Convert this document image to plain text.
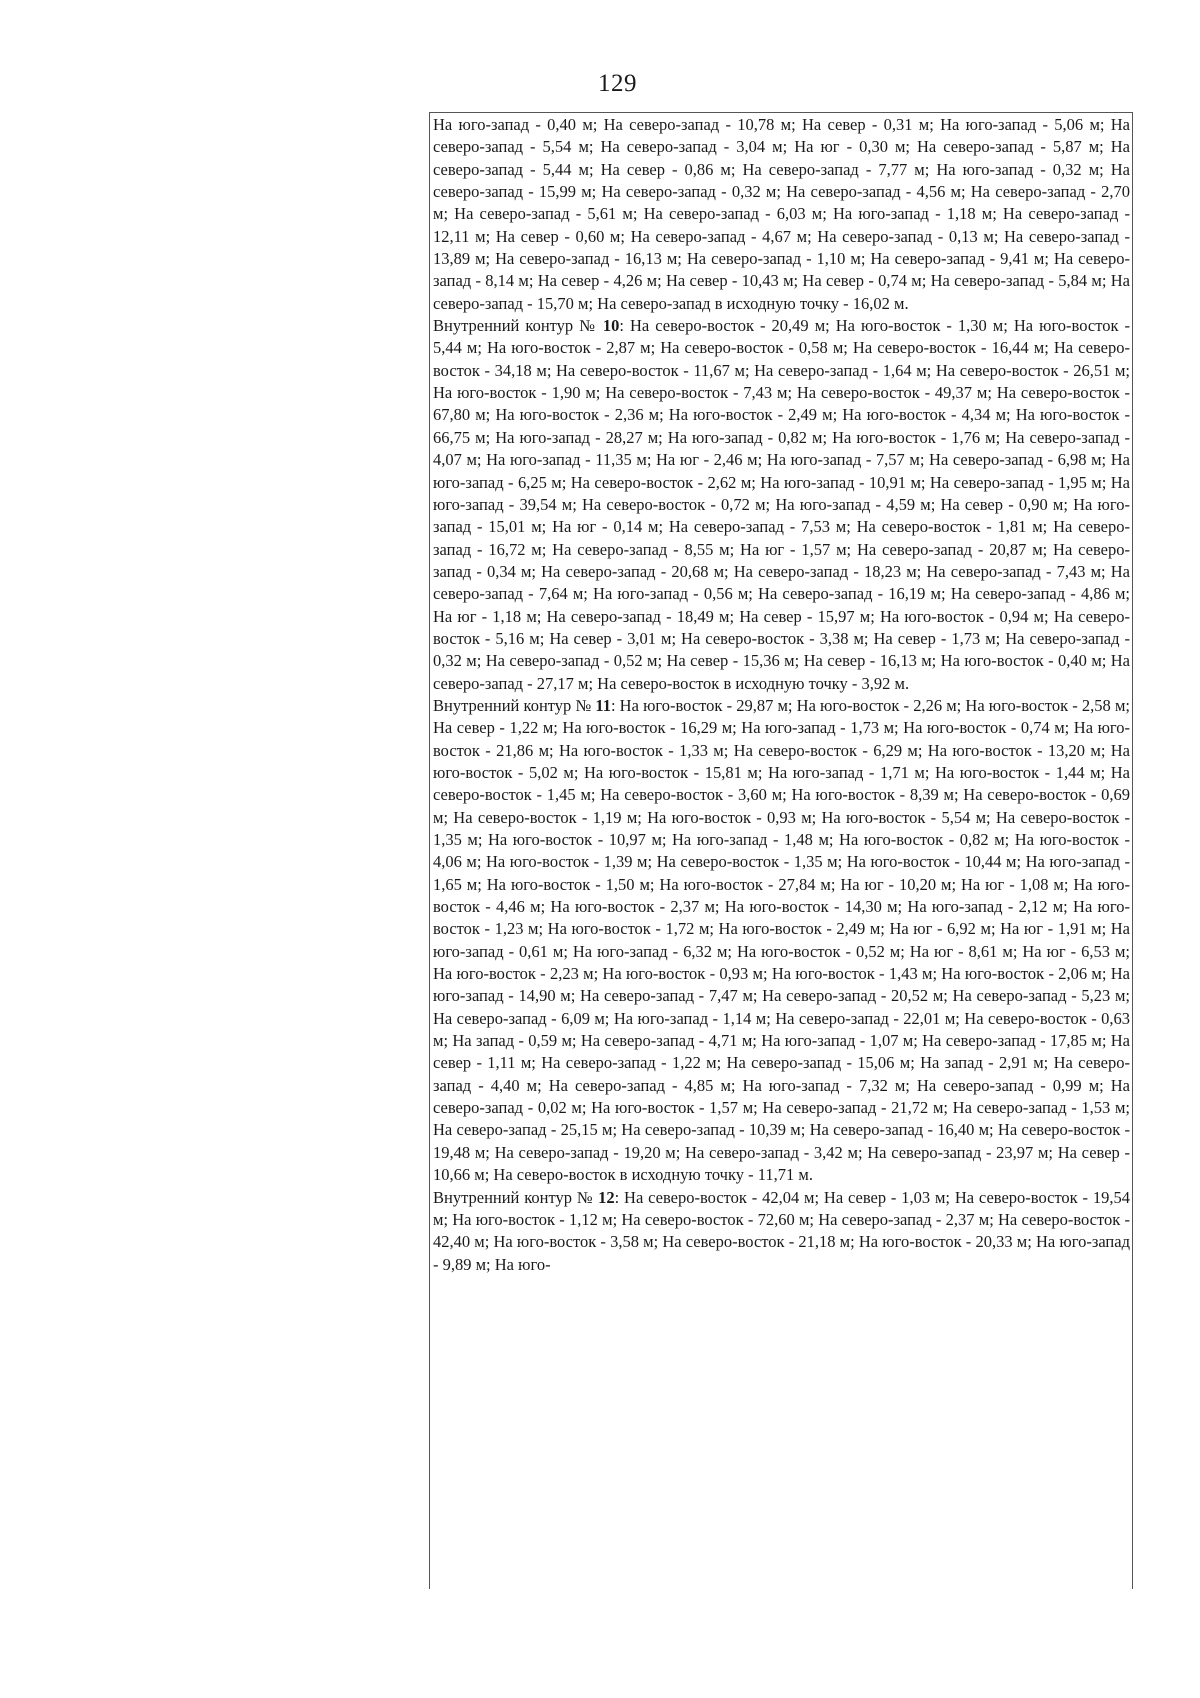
129

На юго-запад - 0,40 м; На северо-запад - 10,78 м; На север - 0,31 м; На юго-запад - 5,06 м; На северо-запад - 5,54 м; На северо-запад - 3,04 м; На юг - 0,30 м; На северо-запад - 5,87 м; На северо-запад - 5,44 м; На север - 0,86 м; На северо-запад - 7,77 м; На юго-запад - 0,32 м; На северо-запад - 15,99 м; На северо-запад - 0,32 м; На северо-запад - 4,56 м; На северо-запад - 2,70 м; На северо-запад - 5,61 м; На северо-запад - 6,03 м; На юго-запад - 1,18 м; На северо-запад - 12,11 м; На север - 0,60 м; На северо-запад - 4,67 м; На северо-запад - 0,13 м; На северо-запад - 13,89 м; На северо-запад - 16,13 м; На северо-запад - 1,10 м; На северо-запад - 9,41 м; На северо-запад - 8,14 м; На север - 4,26 м; На север - 10,43 м; На север - 0,74 м; На северо-запад - 5,84 м; На северо-запад - 15,70 м; На северо-запад в исходную точку - 16,02 м.

Внутренний контур № 10: На северо-восток - 20,49 м; На юго-восток - 1,30 м; На юго-восток - 5,44 м; На юго-восток - 2,87 м; На северо-восток - 0,58 м; На северо-восток - 16,44 м; На северо-восток - 34,18 м; На северо-восток - 11,67 м; На северо-запад - 1,64 м; На северо-восток - 26,51 м; На юго-восток - 1,90 м; На северо-восток - 7,43 м; На северо-восток - 49,37 м; На северо-восток - 67,80 м; На юго-восток - 2,36 м; На юго-восток - 2,49 м; На юго-восток - 4,34 м; На юго-восток - 66,75 м; На юго-запад - 28,27 м; На юго-запад - 0,82 м; На юго-восток - 1,76 м; На северо-запад - 4,07 м; На юго-запад - 11,35 м; На юг - 2,46 м; На юго-запад - 7,57 м; На северо-запад - 6,98 м; На юго-запад - 6,25 м; На северо-восток - 2,62 м; На юго-запад - 10,91 м; На северо-запад - 1,95 м; На юго-запад - 39,54 м; На северо-восток - 0,72 м; На юго-запад - 4,59 м; На север - 0,90 м; На юго-запад - 15,01 м; На юг - 0,14 м; На северо-запад - 7,53 м; На северо-восток - 1,81 м; На северо-запад - 16,72 м; На северо-запад - 8,55 м; На юг - 1,57 м; На северо-запад - 20,87 м; На северо-запад - 0,34 м; На северо-запад - 20,68 м; На северо-запад - 18,23 м; На северо-запад - 7,43 м; На северо-запад - 7,64 м; На юго-запад - 0,56 м; На северо-запад - 16,19 м; На северо-запад - 4,86 м; На юг - 1,18 м; На северо-запад - 18,49 м; На север - 15,97 м; На юго-восток - 0,94 м; На северо-восток - 5,16 м; На север - 3,01 м; На северо-восток - 3,38 м; На север - 1,73 м; На северо-запад - 0,32 м; На северо-запад - 0,52 м; На север - 15,36 м; На север - 16,13 м; На юго-восток - 0,40 м; На северо-запад - 27,17 м; На северо-восток в исходную точку - 3,92 м.

Внутренний контур № 11: На юго-восток - 29,87 м; На юго-восток - 2,26 м; На юго-восток - 2,58 м; На север - 1,22 м; На юго-восток - 16,29 м; На юго-запад - 1,73 м; На юго-восток - 0,74 м; На юго-восток - 21,86 м; На юго-восток - 1,33 м; На северо-восток - 6,29 м; На юго-восток - 13,20 м; На юго-восток - 5,02 м; На юго-восток - 15,81 м; На юго-запад - 1,71 м; На юго-восток - 1,44 м; На северо-восток - 1,45 м; На северо-восток - 3,60 м; На юго-восток - 8,39 м; На северо-восток - 0,69 м; На северо-восток - 1,19 м; На юго-восток - 0,93 м; На юго-восток - 5,54 м; На северо-восток - 1,35 м; На юго-восток - 10,97 м; На юго-запад - 1,48 м; На юго-восток - 0,82 м; На юго-восток - 4,06 м; На юго-восток - 1,39 м; На северо-восток - 1,35 м; На юго-восток - 10,44 м; На юго-запад - 1,65 м; На юго-восток - 1,50 м; На юго-восток - 27,84 м; На юг - 10,20 м; На юг - 1,08 м; На юго-восток - 4,46 м; На юго-восток - 2,37 м; На юго-восток - 14,30 м; На юго-запад - 2,12 м; На юго-восток - 1,23 м; На юго-восток - 1,72 м; На юго-восток - 2,49 м; На юг - 6,92 м; На юг - 1,91 м; На юго-запад - 0,61 м; На юго-запад - 6,32 м; На юго-восток - 0,52 м; На юг - 8,61 м; На юг - 6,53 м; На юго-восток - 2,23 м; На юго-восток - 0,93 м; На юго-восток - 1,43 м; На юго-восток - 2,06 м; На юго-запад - 14,90 м; На северо-запад - 7,47 м; На северо-запад - 20,52 м; На северо-запад - 5,23 м; На северо-запад - 6,09 м; На юго-запад - 1,14 м; На северо-запад - 22,01 м; На северо-восток - 0,63 м; На запад - 0,59 м; На северо-запад - 4,71 м; На юго-запад - 1,07 м; На северо-запад - 17,85 м; На север - 1,11 м; На северо-запад - 1,22 м; На северо-запад - 15,06 м; На запад - 2,91 м; На северо-запад - 4,40 м; На северо-запад - 4,85 м; На юго-запад - 7,32 м; На северо-запад - 0,99 м; На северо-запад - 0,02 м; На юго-восток - 1,57 м; На северо-запад - 21,72 м; На северо-запад - 1,53 м; На северо-запад - 25,15 м; На северо-запад - 10,39 м; На северо-запад - 16,40 м; На северо-восток - 19,48 м; На северо-запад - 19,20 м; На северо-запад - 3,42 м; На северо-запад - 23,97 м; На север - 10,66 м; На северо-восток в исходную точку - 11,71 м.

Внутренний контур № 12: На северо-восток - 42,04 м; На север - 1,03 м; На северо-восток - 19,54 м; На юго-восток - 1,12 м; На северо-восток - 72,60 м; На северо-запад - 2,37 м; На северо-восток - 42,40 м; На юго-восток - 3,58 м; На северо-восток - 21,18 м; На юго-восток - 20,33 м; На юго-запад - 9,89 м; На юго-
